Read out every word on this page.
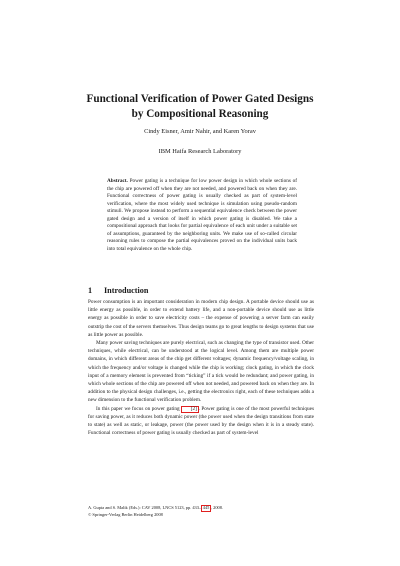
Functional Verification of Power Gated Designs
by Compositional Reasoning
Cindy Eisner, Amir Nahir, and Karen Yorav
IBM Haifa Research Laboratory

Abstract. Power gating is a technique for low power design in which whole sections of the chip are powered off when they are not needed, and powered back on when they are. Functional correctness of power gating is usually checked as part of system-level verification, where the most widely used technique is simulation using pseudo-random stimuli. We propose instead to perform a sequential equivalence check between the power gated design and a version of itself in which power gating is disabled. We take a compositional approach that looks for partial equivalence of each unit under a suitable set of assumptions, guaranteed by the neighboring units. We make use of so-called circular reasoning rules to compose the partial equivalences proved on the individual units back into total equivalence on the whole chip.

1 Introduction

Power consumption is an important consideration in modern chip design. A portable device should use as little energy as possible, in order to extend battery life, and a non-portable device should use as little energy as possible in order to save electricity costs – the expense of powering a server farm can easily outstrip the cost of the servers themselves. Thus design teams go to great lengths to design systems that use as little power as possible.

Many power saving techniques are purely electrical, such as changing the type of transistor used. Other techniques, while electrical, can be understood at the logical level. Among them are multiple power domains, in which different areas of the chip get different voltages; dynamic frequency/voltage scaling, in which the frequency and/or voltage is changed while the chip is working; clock gating, in which the clock input of a memory element is prevented from “ticking” if a tick would be redundant; and power gating, in which whole sections of the chip are powered off when not needed, and powered back on when they are. In addition to the physical design challenges, i.e., getting the electronics right, each of these techniques adds a new dimension to the functional verification problem.

In this paper we focus on power gating [2] . Power gating is one of the most powerful techniques for saving power, as it reduces both dynamic power (the power used when the design transitions from state to state) as well as static, or leakage, power (the power used by the design when it is in a steady state). Functional correctness of power gating is usually checked as part of system-level

A. Gupta and S. Malik (Eds.): CAV 2008, LNCS 5123, pp. 433– 445 , 2008.
© Springer-Verlag Berlin Heidelberg 2008
